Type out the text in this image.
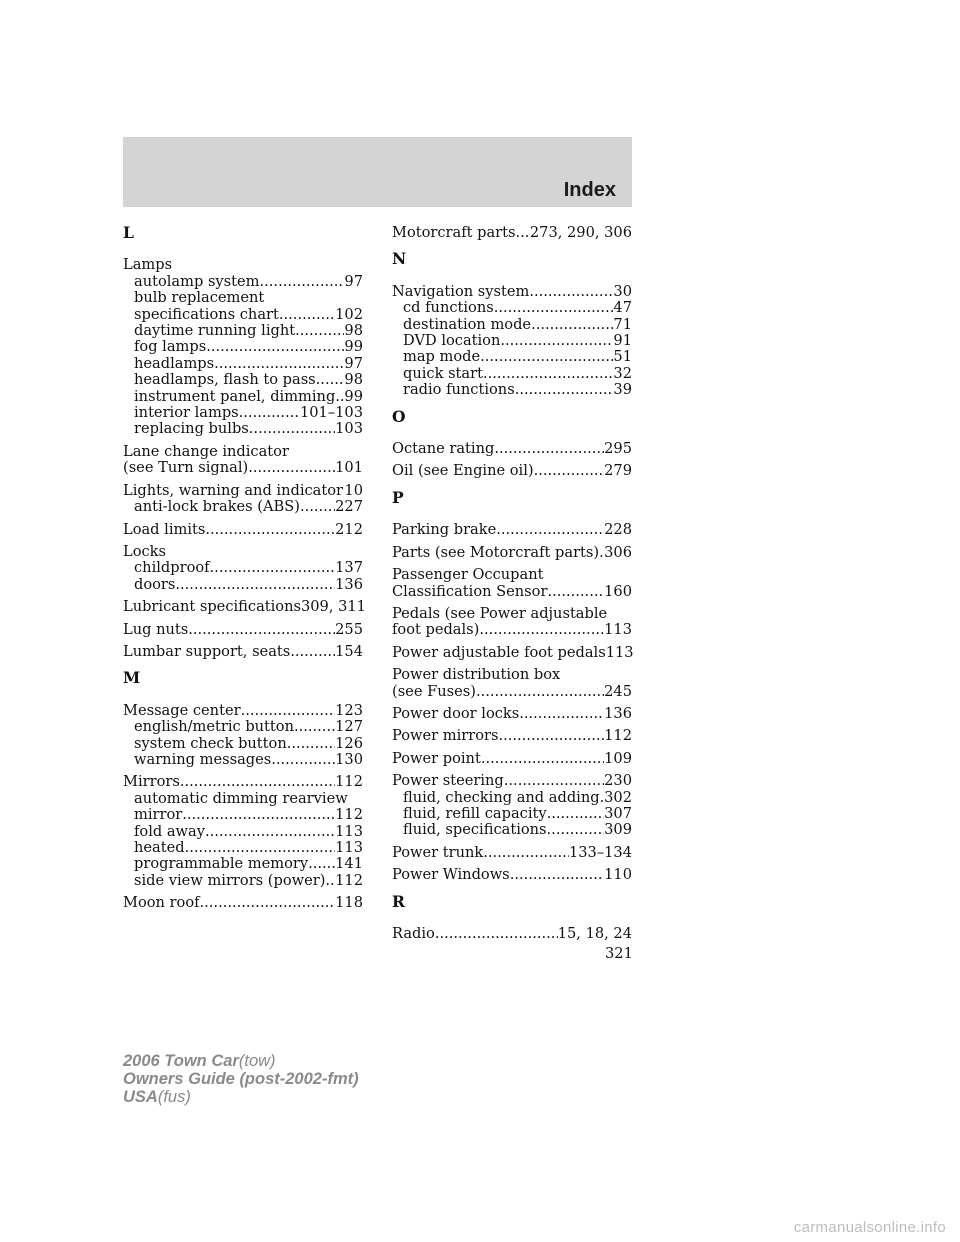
Index
L
Lamps
autolamp system .....	97
bulb replacement
specifications chart .....	102
daytime running light .....	98
fog lamps .....	99
headlamps .....	97
headlamps, flash to pass ..... 98
instrument panel, dimming ..... 99
interior lamps .....	101–103
replacing bulbs .....	103
Lane change indicator
(see Turn signal) .....	101
Lights, warning and indicator ..... 10
anti-lock brakes (ABS) ..... 227
Load limits .....	212
Locks
childproof .....	137
doors .....	136
Lubricant specifications 309, 311
Lug nuts .....	255
Lumbar support, seats .....	154
M
Message center .....	123
english/metric button .....	127
system check button .....	126
warning messages .....	130
Mirrors .....	112
automatic dimming rearview
mirror .....	112
fold away .....	113
heated .....	113
programmable memory ..... 141
side view mirrors (power) ..... 112
Moon roof .....	118
Motorcraft parts ..... 273, 290, 306
N
Navigation system .....	30
cd functions .....	47
destination mode .....	71
DVD location .....	91
map mode .....	51
quick start .....	32
radio functions .....	39
O
Octane rating .....	295
Oil (see Engine oil) .....	279
P
Parking brake .....	228
Parts (see Motorcraft parts) ..... 306
Passenger Occupant
Classification Sensor .....	160
Pedals (see Power adjustable
foot pedals) .....	113
Power adjustable foot pedals 113
Power distribution box
(see Fuses) .....	245
Power door locks .....	136
Power mirrors .....	112
Power point .....	109
Power steering .....	230
fluid, checking and adding ..... 302
fluid, refill capacity .....	307
fluid, specifications .....	309
Power trunk .....	133–134
Power Windows .....	110
R
Radio .....	15, 18, 24
321
2006 Town Car(tow)
Owners Guide (post-2002-fmt)
USA(fus)
carmanualsonline.info
